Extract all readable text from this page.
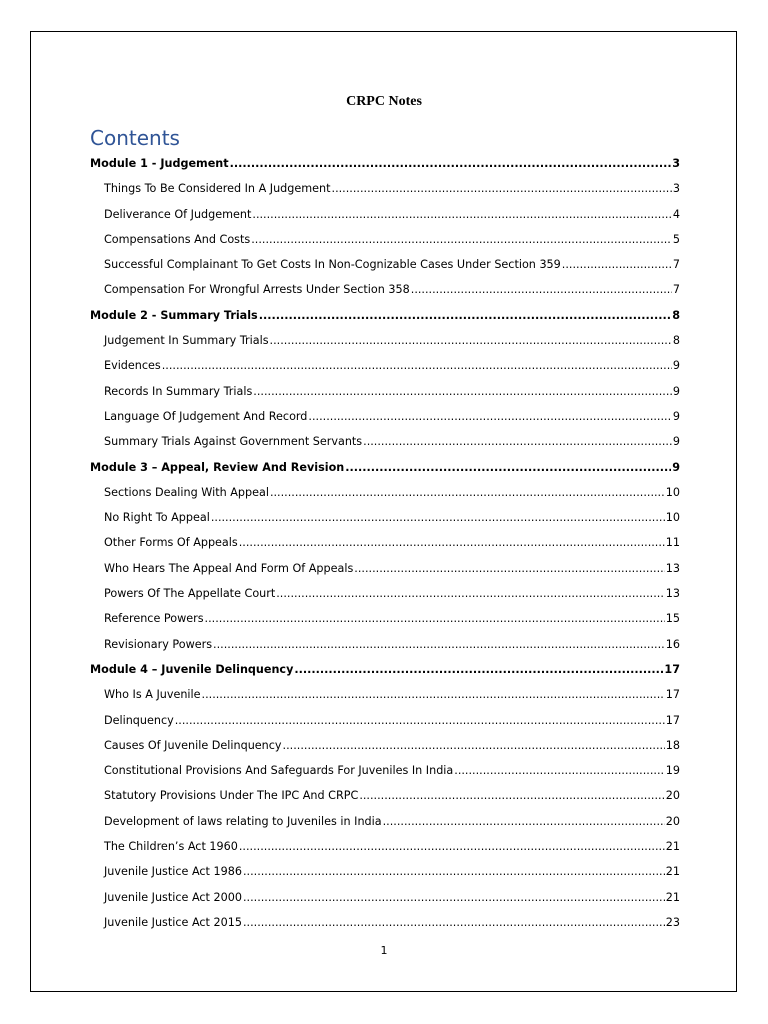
CRPC Notes
Contents
Module 1 - Judgement .....	3
Things To Be Considered In A Judgement .....	3
Deliverance Of Judgement .....	4
Compensations And Costs .....	5
Successful Complainant To Get Costs In Non-Cognizable Cases Under Section 359 .....	7
Compensation For Wrongful Arrests Under Section 358 .....	7
Module 2 - Summary Trials .....	8
Judgement In Summary Trials .....	8
Evidences .....	9
Records In Summary Trials .....	9
Language Of Judgement And Record .....	9
Summary Trials Against Government Servants .....	9
Module 3 – Appeal, Review And Revision .....	9
Sections Dealing With Appeal .....	10
No Right To Appeal .....	10
Other Forms Of Appeals .....	11
Who Hears The Appeal And Form Of Appeals .....	13
Powers Of The Appellate Court .....	13
Reference Powers .....	15
Revisionary Powers .....	16
Module 4 – Juvenile Delinquency .....	17
Who Is A Juvenile .....	17
Delinquency .....	17
Causes Of Juvenile Delinquency .....	18
Constitutional Provisions And Safeguards For Juveniles In India .....	19
Statutory Provisions Under The IPC And CRPC .....	20
Development of laws relating to Juveniles in India .....	20
The Children’s Act 1960 .....	21
Juvenile Justice Act 1986 .....	21
Juvenile Justice Act 2000 .....	21
Juvenile Justice Act 2015 .....	23
1
